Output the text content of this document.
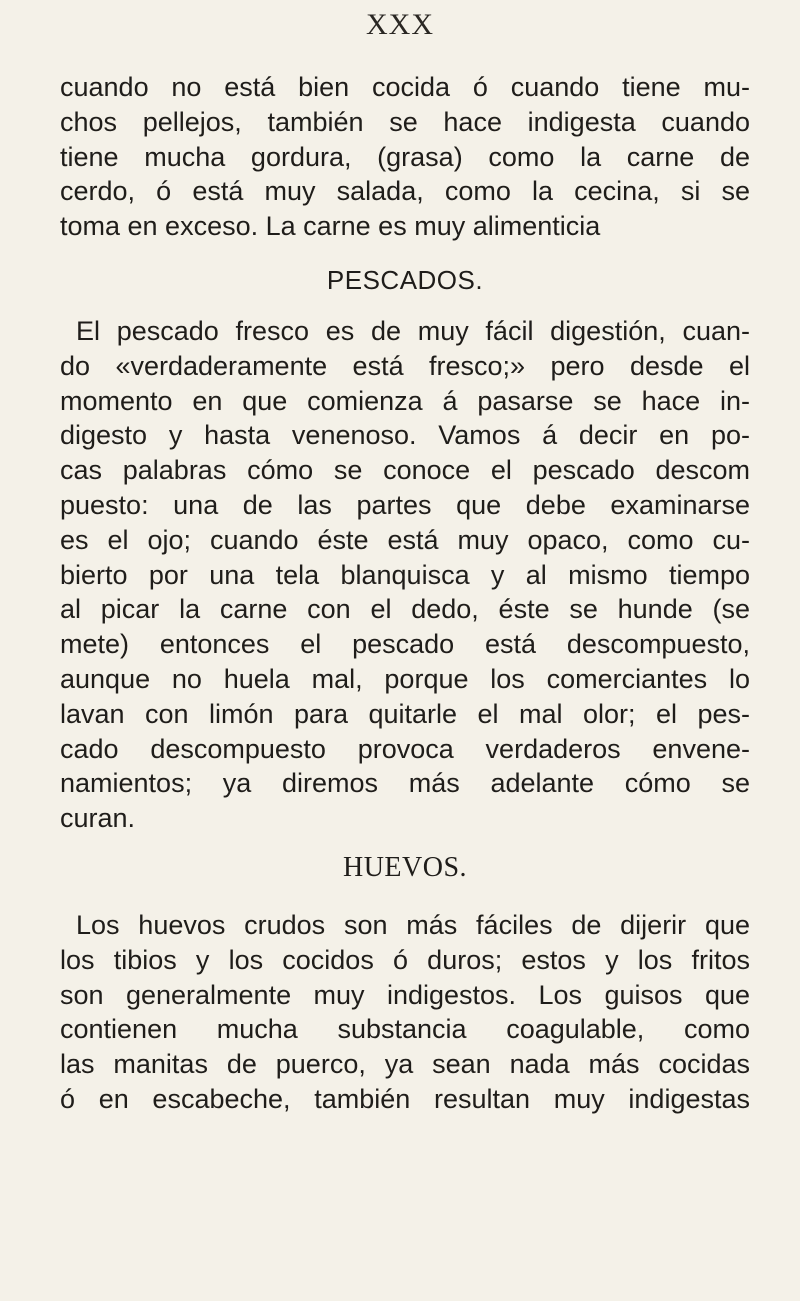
XXX
cuando no está bien cocida ó cuando tiene mu-
chos pellejos, también se hace indigesta cuando
tiene mucha gordura, (grasa) como la carne de
cerdo, ó está muy salada, como la cecina, si se
toma en exceso. La carne es muy alimenticia
PESCADOS.
El pescado fresco es de muy fácil digestión, cuan-
do «verdaderamente está fresco;» pero desde el
momento en que comienza á pasarse se hace in-
digesto y hasta venenoso. Vamos á decir en po-
cas palabras cómo se conoce el pescado descom
puesto: una de las partes que debe examinarse
es el ojo; cuando éste está muy opaco, como cu-
bierto por una tela blanquisca y al mismo tiempo
al picar la carne con el dedo, éste se hunde (se
mete) entonces el pescado está descompuesto,
aunque no huela mal, porque los comerciantes lo
lavan con limón para quitarle el mal olor; el pes-
cado descompuesto provoca verdaderos envene-
namientos; ya diremos más adelante cómo se
curan.
HUEVOS.
Los huevos crudos son más fáciles de dijerir que
los tibios y los cocidos ó duros; estos y los fritos
son generalmente muy indigestos. Los guisos que
contienen mucha substancia coagulable, como
las manitas de puerco, ya sean nada más cocidas
ó en escabeche, también resultan muy indigestas
